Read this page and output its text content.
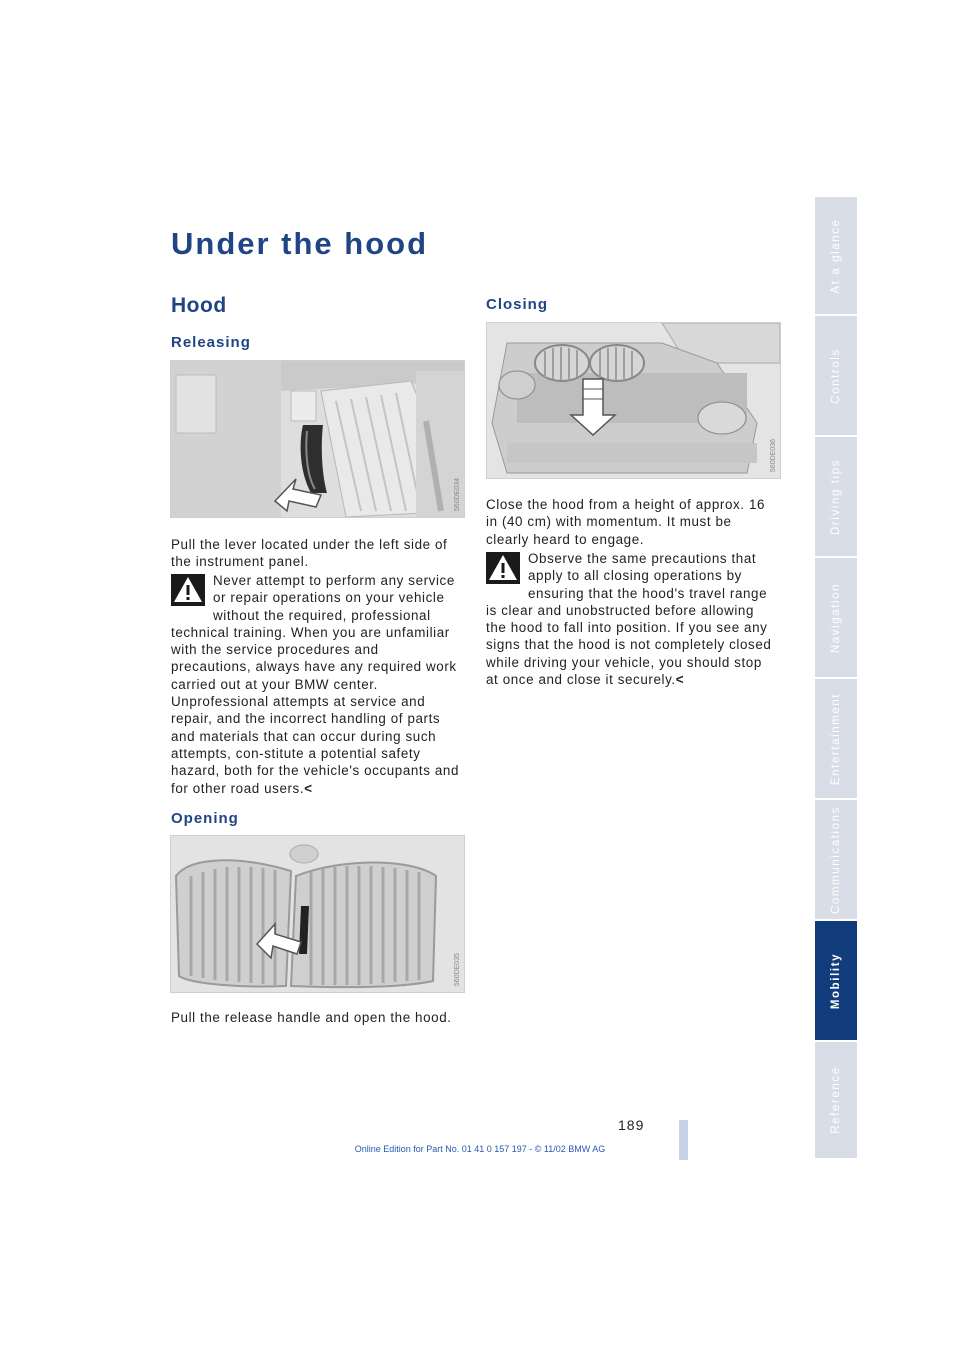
Under the hood
Hood
Releasing
560DE034

Pull the lever located under the left side of the instrument panel.

Never attempt to perform any service or repair operations on your vehicle without the required, professional technical training. When you are unfamiliar with the service procedures and precautions, always have any required work carried out at your BMW center. Unprofessional attempts at service and repair, and the incorrect handling of parts and materials that can occur during such attempts, con-stitute a potential safety hazard, both for the vehicle's occupants and for other road users.<
Opening
560DE035

Pull the release handle and open the hood.

Closing
560DE036

Close the hood from a height of approx. 16 in (40 cm) with momentum. It must be clearly heard to engage.

Observe the same precautions that apply to all closing operations by ensuring that the hood's travel range is clear and unobstructed before allowing the hood to fall into position. If you see any signs that the hood is not completely closed while driving your vehicle, you should stop at once and close it securely.<
At a glance
Controls
Driving tips
Navigation
Entertainment
Communications
Mobility
Reference
189
Online Edition for Part No. 01 41 0 157 197 - © 11/02 BMW AG
